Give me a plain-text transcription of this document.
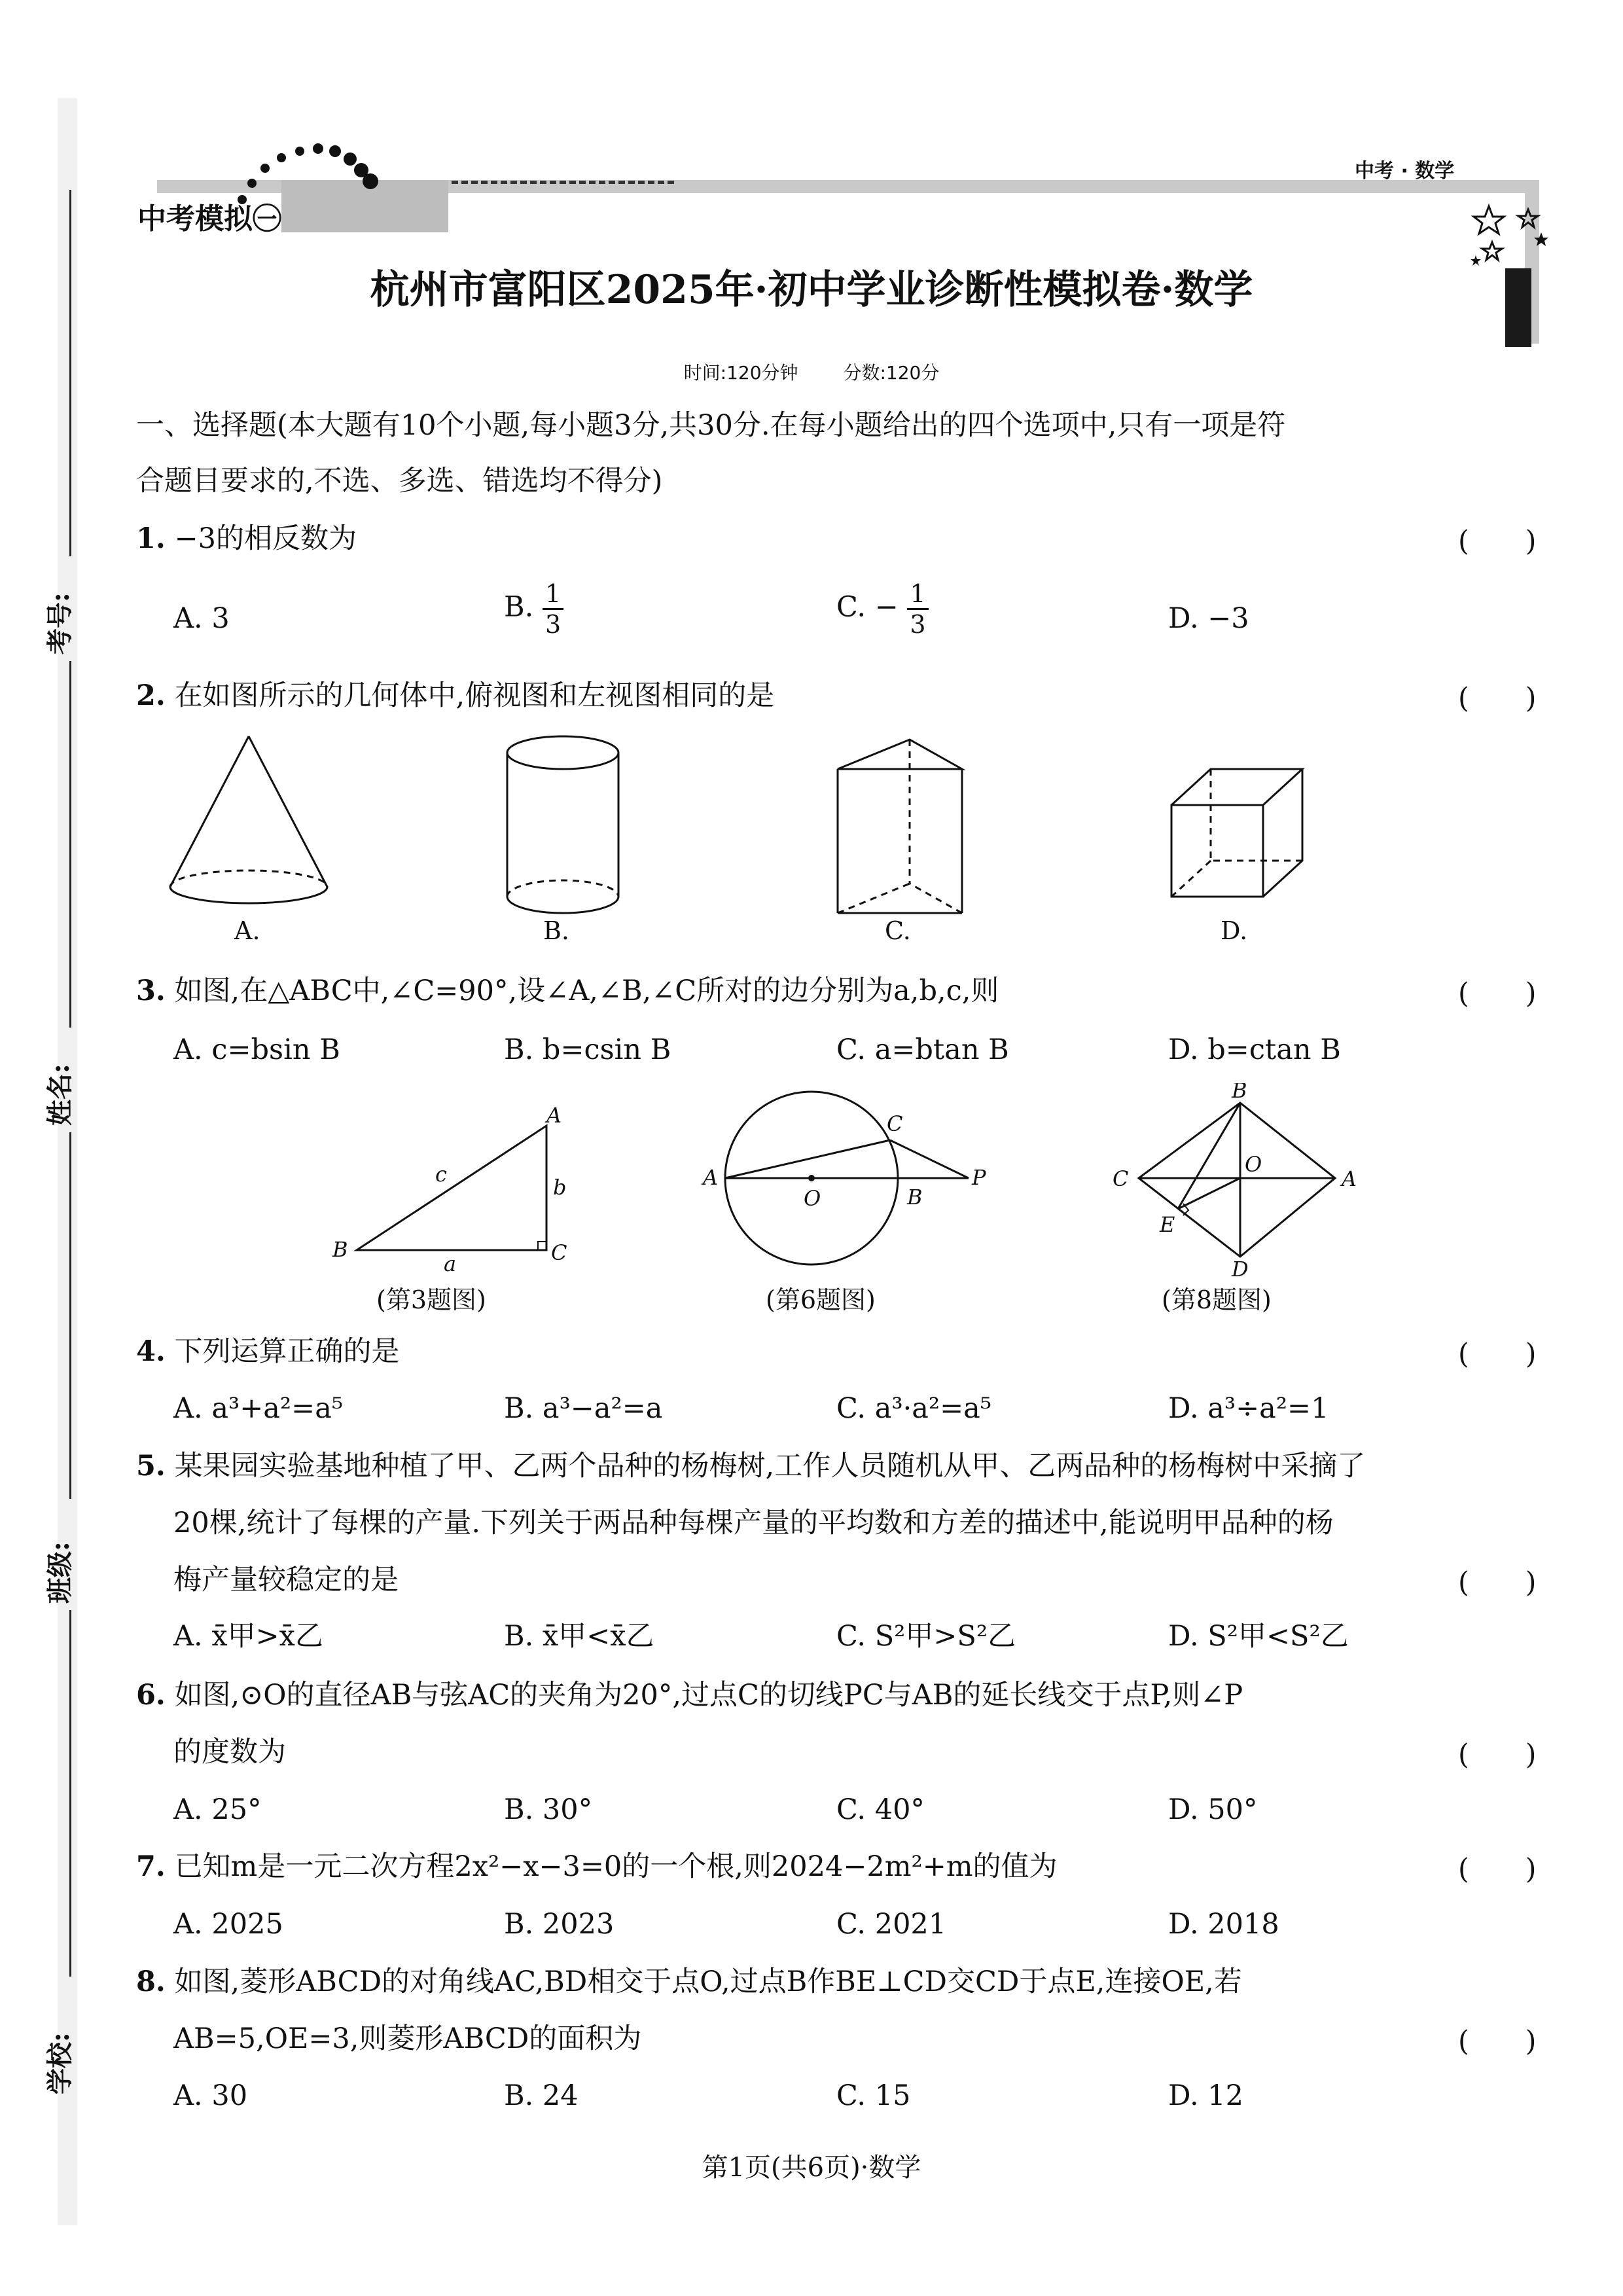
中考模拟㊀
中考 · 数学
杭州市富阳区2025年·初中学业诊断性模拟卷·数学
时间:120分钟 分数:120分
考号:
姓名:
班级:
学校:
一、选择题(本大题有10个小题,每小题3分,共30分.在每小题给出的四个选项中,只有一项是符
合题目要求的,不选、多选、错选均不得分)
1. −3的相反数为	(　　)
A. 3	B. $\frac{1}{3}$	C. − $\frac{1}{3}$	D. −3
2. 在如图所示的几何体中,俯视图和左视图相同的是	(　　)
A.	B.	C.	D.
3. 如图,在△ABC中,∠C=90°,设∠A,∠B,∠C所对的边分别为a,b,c,则	(　　)
A. c=bsin B	B. b=csin B	C. a=btan B	D. b=ctan B
A
B	C
a
b
c
(第3题图)
A
O	B
C
P
(第6题图)
B
A
C
D
O
E
(第8题图)
4. 下列运算正确的是	(　　)
A. a³+a²=a⁵	B. a³−a²=a	C. a³·a²=a⁵	D. a³÷a²=1
5. 某果园实验基地种植了甲、乙两个品种的杨梅树,工作人员随机从甲、乙两品种的杨梅树中采摘了
20棵,统计了每棵的产量.下列关于两品种每棵产量的平均数和方差的描述中,能说明甲品种的杨
梅产量较稳定的是	(　　)
A. x̄甲>x̄乙	B. x̄甲<x̄乙	C. S²甲>S²乙	D. S²甲<S²乙
6. 如图,⊙O的直径AB与弦AC的夹角为20°,过点C的切线PC与AB的延长线交于点P,则∠P
的度数为	(　　)
A. 25°	B. 30°	C. 40°	D. 50°
7. 已知m是一元二次方程2x²−x−3=0的一个根,则2024−2m²+m的值为	(　　)
A. 2025	B. 2023	C. 2021	D. 2018
8. 如图,菱形ABCD的对角线AC,BD相交于点O,过点B作BE⊥CD交CD于点E,连接OE,若
AB=5,OE=3,则菱形ABCD的面积为	(　　)
A. 30	B. 24	C. 15	D. 12
第1页(共6页)·数学
